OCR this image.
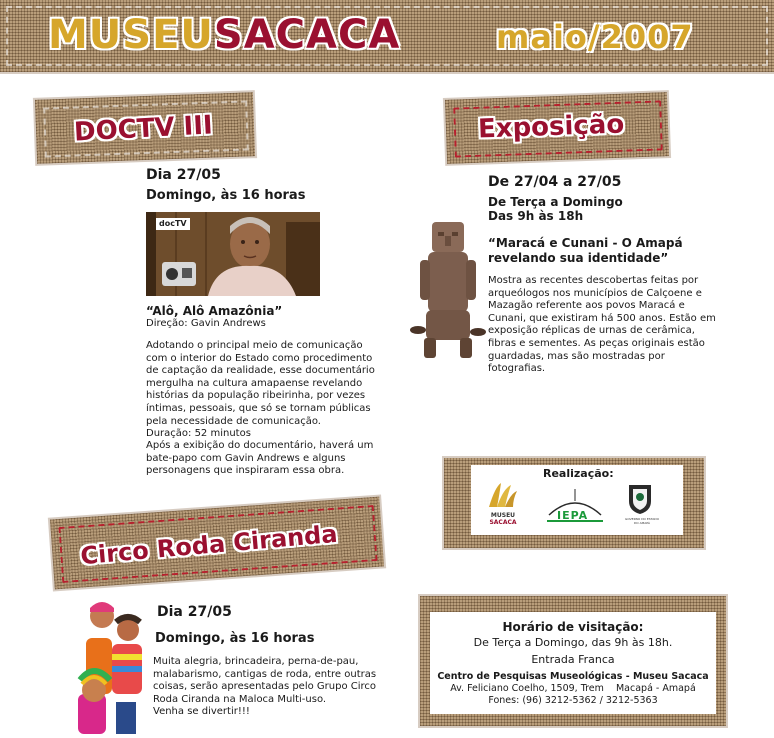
MUSEUSACACA	maio/2007
DOCTV III
Dia 27/05
Domingo, às 16 horas
docTV
“Alô, Alô Amazônia”
Direção: Gavin Andrews
Adotando o principal meio de comunicação
com o interior do Estado como procedimento
de captação da realidade, esse documentário
mergulha na cultura amapaense revelando
histórias da população ribeirinha, por vezes
íntimas, pessoais, que só se tornam públicas
pela necessidade de comunicação.
Duração: 52 minutos
Após a exibição do documentário, haverá um
bate-papo com Gavin Andrews e alguns
personagens que inspiraram essa obra.
Exposição
De 27/04 a 27/05
De Terça a Domingo
Das 9h às 18h
“Maracá e Cunani - O Amapá
revelando sua identidade”
Mostra as recentes descobertas feitas por
arqueólogos nos municípios de Calçoene e
Mazagão referente aos povos Maracá e
Cunani, que existiram há 500 anos. Estão em
exposição réplicas de urnas de cerâmica,
fibras e sementes. As peças originais estão
guardadas, mas são mostradas por
fotografias.
Realização:
MUSEU
SACACA
IEPA	GOVERNO DO ESTADO
DO AMAPÁ
Circo Roda Ciranda
Dia 27/05
Domingo, às 16 horas
Muita alegria, brincadeira, perna-de-pau,
malabarismo, cantigas de roda, entre outras
coisas, serão apresentadas pelo Grupo Circo
Roda Ciranda na Maloca Multi-uso.
Venha se divertir!!!
Horário de visitação:
De Terça a Domingo, das 9h às 18h.
Entrada Franca
Centro de Pesquisas Museológicas - Museu Sacaca
Av. Feliciano Coelho, 1509, Trem    Macapá - Amapá
Fones: (96) 3212-5362 / 3212-5363
